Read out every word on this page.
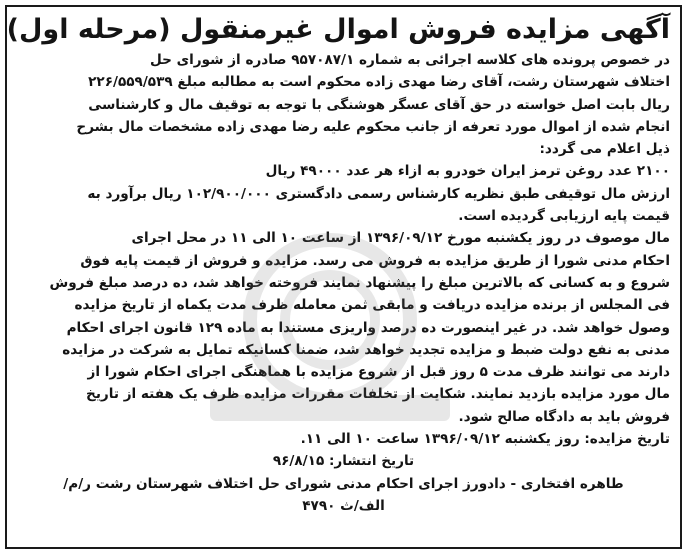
آگهی مزایده فروش اموال غیرمنقول (مرحله اول)
در خصوص پرونده های کلاسه اجرائی به شماره ۹۵۷۰۸۷/۱ صادره از شورای حل
اختلاف شهرستان رشت، آقای رضا مهدی زاده محکوم است به مطالبه مبلغ ۲۲۶/۵۵۹/۵۳۹
ریال بابت اصل خواسته در حق آقای عسگر هوشنگی با توجه به توقیف مال و کارشناسی
انجام شده از اموال مورد تعرفه از جانب محکوم علیه رضا مهدی زاده مشخصات مال بشرح
ذیل اعلام می گردد:
۲۱۰۰ عدد روغن ترمز ایران خودرو به ازاء هر عدد ۴۹۰۰۰ ریال
ارزش مال توقیفی طبق نظریه کارشناس رسمی دادگستری ۱۰۲/۹۰۰/۰۰۰ ریال برآورد به
قیمت پایه ارزیابی گردیده است.
مال موصوف در روز یکشنبه مورخ ۱۳۹۶/۰۹/۱۲ از ساعت ۱۰ الی ۱۱ در محل اجرای
احکام مدنی شورا از طریق مزایده به فروش می رسد. مزایده و فروش از قیمت پایه فوق
شروع و به کسانی که بالاترین مبلغ را پیشنهاد نمایند فروخته خواهد شد، ده درصد مبلغ فروش
فی المجلس از برنده مزایده دریافت و مابقی ثمن معامله ظرف مدت یکماه از تاریخ مزایده
وصول خواهد شد. در غیر اینصورت ده درصد واریزی مستندا به ماده ۱۲۹ قانون اجرای احکام
مدنی به نفع دولت ضبط و مزایده تجدید خواهد شد، ضمنا کسانیکه تمایل به شرکت در مزایده
دارند می توانند ظرف مدت ۵ روز قبل از شروع مزایده با هماهنگی اجرای احکام شورا از
مال مورد مزایده بازدید نمایند. شکایت از تخلفات مقررات مزایده ظرف یک هفته از تاریخ
فروش باید به دادگاه صالح شود.
تاریخ مزایده: روز یکشنبه ۱۳۹۶/۰۹/۱۲ ساعت ۱۰ الی ۱۱.
تاریخ انتشار: ۹۶/۸/۱۵
طاهره افتخاری - دادورز اجرای احکام مدنی شورای حل اختلاف شهرستان رشت ر/م/
الف/ث ۴۷۹۰
